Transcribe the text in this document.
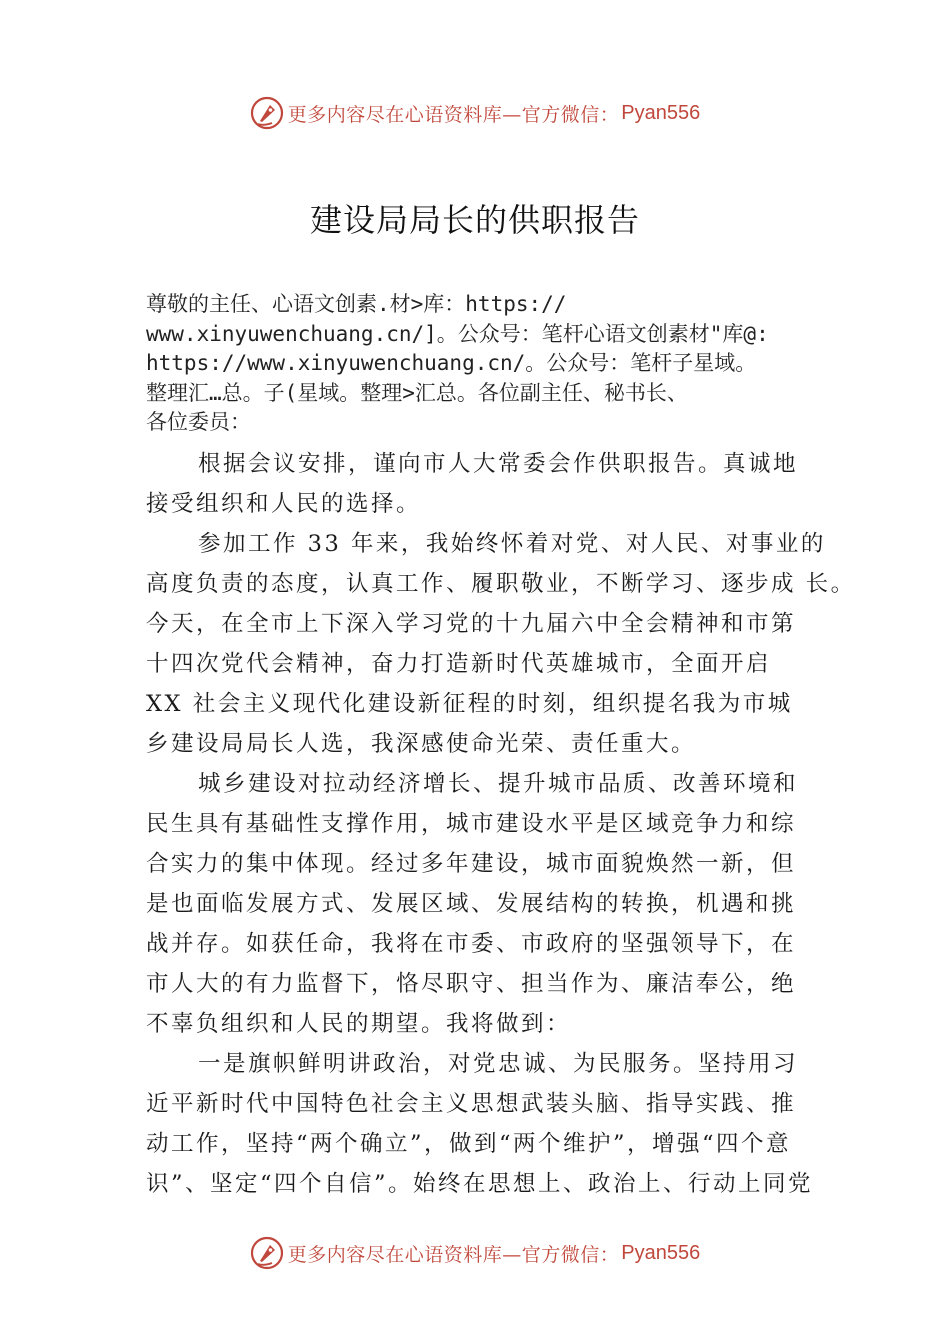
更多内容尽在心语资料库—官方微信： Pyan556
建设局局长的供职报告
尊敬的主任、心语文创素.材>库：https://
www.xinyuwenchuang.cn/]。公众号：笔杆心语文创素材"库@:
https://www.xinyuwenchuang.cn/。公众号：笔杆子星域。
整理汇…总。子(星域。整理>汇总。各位副主任、秘书长、
各位委员：
根据会议安排，谨向市人大常委会作供职报告。真诚地
接受组织和人民的选择。
参加工作 33 年来，我始终怀着对党、对人民、对事业的
高度负责的态度，认真工作、履职敬业，不断学习、逐步成 长。
今天，在全市上下深入学习党的十九届六中全会精神和市第
十四次党代会精神，奋力打造新时代英雄城市，全面开启
XX 社会主义现代化建设新征程的时刻，组织提名我为市城
乡建设局局长人选，我深感使命光荣、责任重大。
城乡建设对拉动经济增长、提升城市品质、改善环境和
民生具有基础性支撑作用，城市建设水平是区域竞争力和综
合实力的集中体现。经过多年建设，城市面貌焕然一新，但
是也面临发展方式、发展区域、发展结构的转换，机遇和挑
战并存。如获任命，我将在市委、市政府的坚强领导下，在
市人大的有力监督下，恪尽职守、担当作为、廉洁奉公，绝
不辜负组织和人民的期望。我将做到：
一是旗帜鲜明讲政治，对党忠诚、为民服务。坚持用习
近平新时代中国特色社会主义思想武装头脑、指导实践、推
动工作，坚持“两个确立”，做到“两个维护”，增强“四个意
识”、坚定“四个自信”。始终在思想上、政治上、行动上同党
更多内容尽在心语资料库—官方微信： Pyan556
